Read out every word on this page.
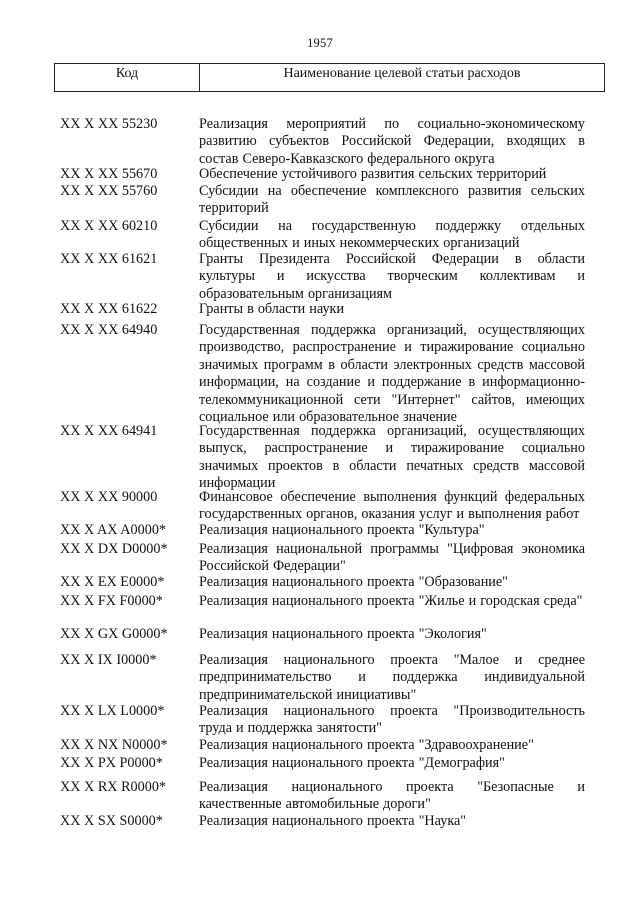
1957
Код	Наименование целевой статьи расходов
XX X XX 55230	Реализация мероприятий по социально-экономическому развитию субъектов Российской Федерации, входящих в состав Северо-Кавказского федерального округа
XX X XX 55670	Обеспечение устойчивого развития сельских территорий
XX X XX 55760	Субсидии на обеспечение комплексного развития сельских территорий
XX X XX 60210	Субсидии на государственную поддержку отдельных общественных и иных некоммерческих организаций
XX X XX 61621	Гранты Президента Российской Федерации в области культуры и искусства творческим коллективам и образовательным организациям
XX X XX 61622	Гранты в области науки
XX X XX 64940	Государственная поддержка организаций, осуществляющих производство, распространение и тиражирование социально значимых программ в области электронных средств массовой информации, на создание и поддержание в информационно-телекоммуникационной сети "Интернет" сайтов, имеющих социальное или образовательное значение
XX X XX 64941	Государственная поддержка организаций, осуществляющих выпуск, распространение и тиражирование социально значимых проектов в области печатных средств массовой информации
XX X XX 90000	Финансовое обеспечение выполнения функций федеральных государственных органов, оказания услуг и выполнения работ
XX X AX A0000* Реализация национального проекта "Культура"
XX X DX D0000* Реализация национальной программы "Цифровая экономика Российской Федерации"
XX X EX E0000* Реализация национального проекта "Образование"
XX X FX F0000*	Реализация национального проекта "Жилье и городская среда"
XX X GX G0000* Реализация национального проекта "Экология"
XX X IX I0000*	Реализация национального проекта "Малое и среднее предпринимательство и поддержка индивидуальной предпринимательской инициативы"
XX X LX L0000* Реализация национального проекта "Производительность труда и поддержка занятости"
XX X NX N0000* Реализация национального проекта "Здравоохранение"
XX X PX P0000*	Реализация национального проекта "Демография"
XX X RX R0000* Реализация национального проекта "Безопасные и качественные автомобильные дороги"
XX X SX S0000*	Реализация национального проекта "Наука"
